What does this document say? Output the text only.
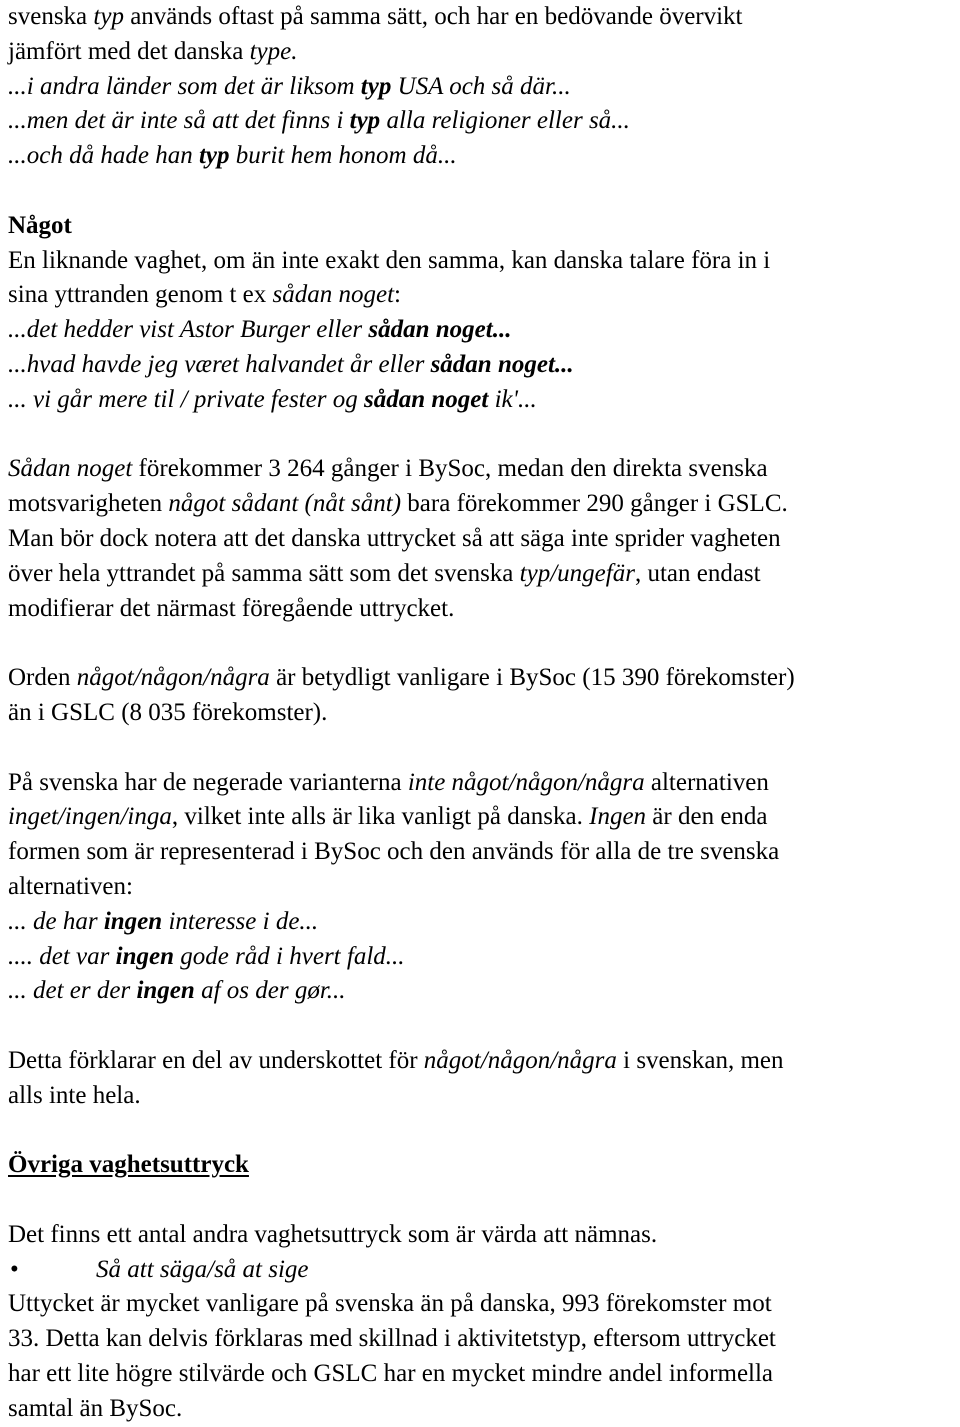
svenska typ används oftast på samma sätt, och har en bedövande övervikt
jämfört med det danska type.
...i andra länder som det är liksom typ USA och så där...
...men det är inte så att det finns i typ alla religioner eller så...
...och då hade han typ burit hem honom då...
Något
En liknande vaghet, om än inte exakt den samma, kan danska talare föra in i
sina yttranden genom t ex sådan noget:
...det hedder vist Astor Burger eller sådan noget...
...hvad havde jeg været halvandet år eller sådan noget...
... vi går mere til / private fester og sådan noget ik'...
Sådan noget förekommer 3 264 gånger i BySoc, medan den direkta svenska
motsvarigheten något sådant (nåt sånt) bara förekommer 290 gånger i GSLC.
Man bör dock notera att det danska uttrycket så att säga inte sprider vagheten
över hela yttrandet på samma sätt som det svenska typ/ungefär, utan endast
modifierar det närmast föregående uttrycket.
Orden något/någon/några är betydligt vanligare i BySoc (15 390 förekomster)
än i GSLC (8 035 förekomster).
På svenska har de negerade varianterna inte något/någon/några alternativen
inget/ingen/inga, vilket inte alls är lika vanligt på danska. Ingen är den enda
formen som är representerad i BySoc och den används för alla de tre svenska
alternativen:
... de har ingen interesse i de...
.... det var ingen gode råd i hvert fald...
... det er der ingen af os der gør...
Detta förklarar en del av underskottet för något/någon/några i svenskan, men
alls inte hela.
Övriga vaghetsuttryck
Det finns ett antal andra vaghetsuttryck som är värda att nämnas.
•	Så att säga/så at sige
Uttycket är mycket vanligare på svenska än på danska, 993 förekomster mot
33. Detta kan delvis förklaras med skillnad i aktivitetstyp, eftersom uttrycket
har ett lite högre stilvärde och GSLC har en mycket mindre andel informella
samtal än BySoc.
